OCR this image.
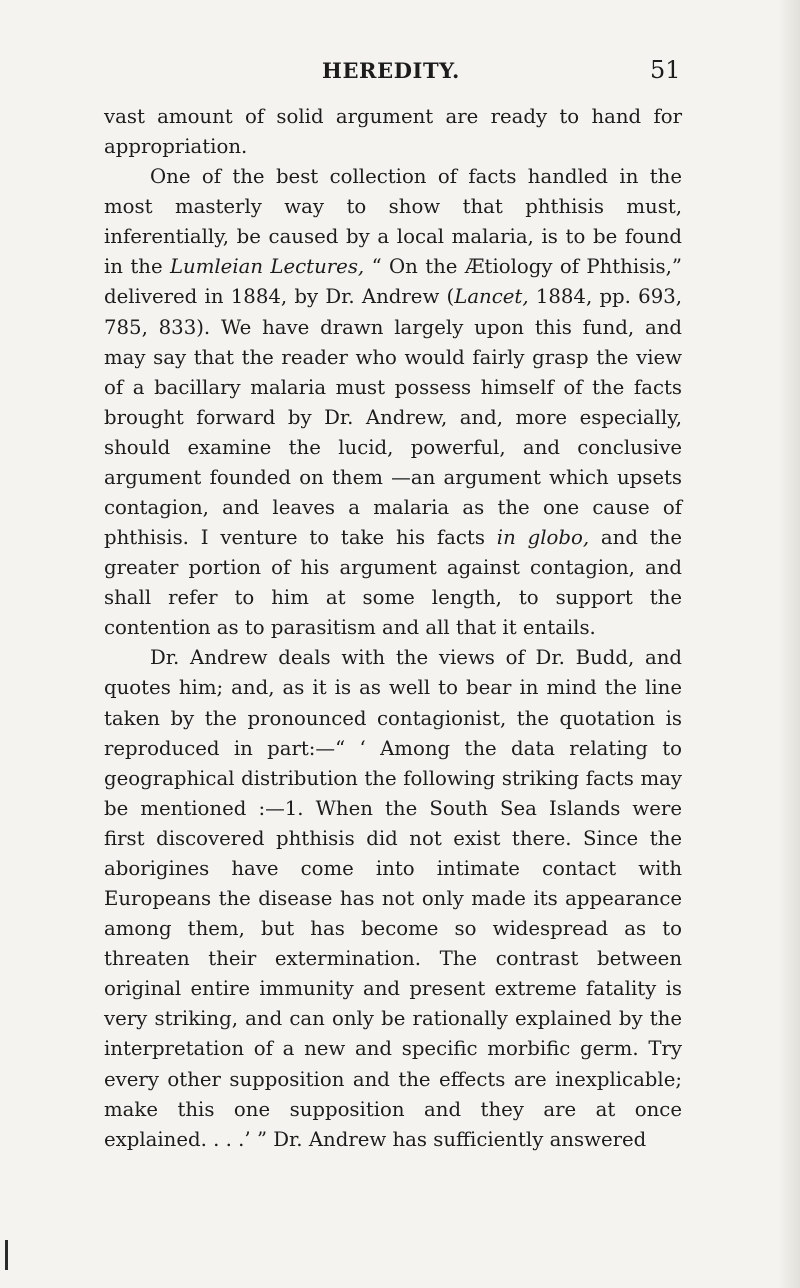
HEREDITY.	51

vast amount of solid argument are ready to hand for appropriation.

One of the best collection of facts handled in the most masterly way to show that phthisis must, inferentially, be caused by a local malaria, is to be found in the Lumleian Lectures, “ On the Ætiology of Phthisis,” delivered in 1884, by Dr. Andrew (Lancet, 1884, pp. 693, 785, 833). We have drawn largely upon this fund, and may say that the reader who would fairly grasp the view of a bacillary malaria must possess himself of the facts brought forward by Dr. Andrew, and, more especially, should examine the lucid, powerful, and conclusive argument founded on them —an argument which upsets contagion, and leaves a malaria as the one cause of phthisis. I venture to take his facts in globo, and the greater portion of his argument against contagion, and shall refer to him at some length, to support the contention as to parasitism and all that it entails.

Dr. Andrew deals with the views of Dr. Budd, and quotes him; and, as it is as well to bear in mind the line taken by the pronounced contagionist, the quotation is reproduced in part:—“ ‘ Among the data relating to geographical distribution the following striking facts may be mentioned :—1. When the South Sea Islands were first discovered phthisis did not exist there. Since the aborigines have come into intimate contact with Europeans the disease has not only made its appearance among them, but has become so widespread as to threaten their extermination. The contrast between original entire immunity and present extreme fatality is very striking, and can only be rationally explained by the interpretation of a new and specific morbific germ. Try every other supposition and the effects are inexplicable; make this one supposition and they are at once explained. . . .’ ” Dr. Andrew has sufficiently answered
